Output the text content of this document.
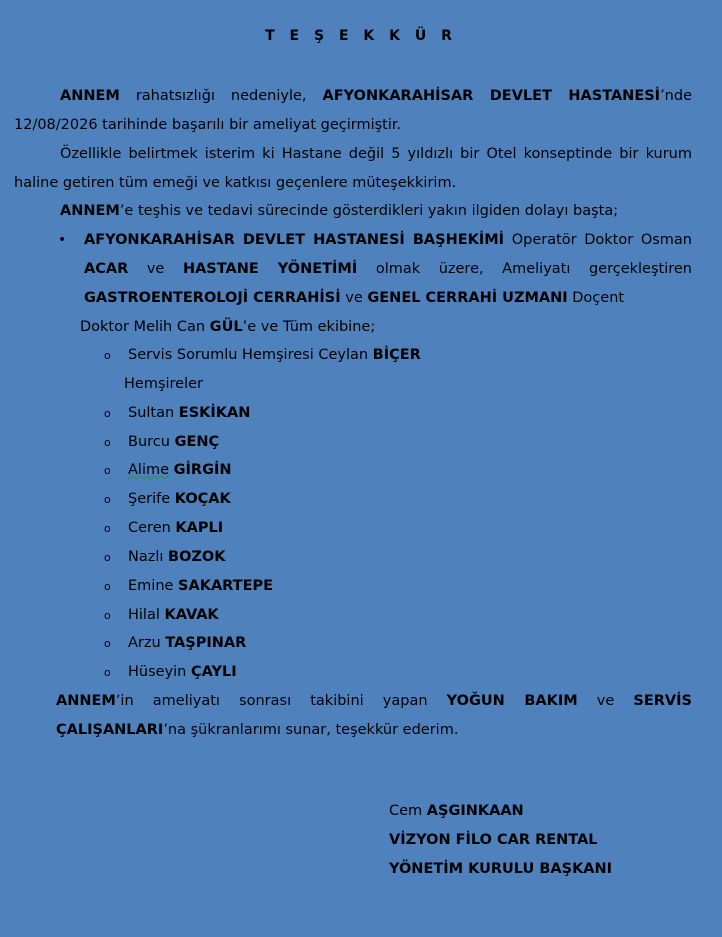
T E Ş E K K Ü R
ANNEM rahatsızlığı nedeniyle, AFYONKARAHİSAR DEVLET HASTANESİ’nde 12/08/2026 tarihinde başarılı bir ameliyat geçirmiştir.
Özellikle belirtmek isterim ki Hastane değil 5 yıldızlı bir Otel konseptinde bir kurum haline getiren tüm emeği ve katkısı geçenlere müteşekkirim.
ANNEM’e teşhis ve tedavi sürecinde gösterdikleri yakın ilgiden dolayı başta;
• AFYONKARAHİSAR DEVLET HASTANESİ BAŞHEKİMİ Operatör Doktor Osman ACAR ve HASTANE YÖNETİMİ olmak üzere, Ameliyatı gerçekleştiren GASTROENTEROLOJİ CERRAHİSİ ve GENEL CERRAHİ UZMANI Doçent
Doktor Melih Can GÜL’e ve Tüm ekibine;
o Servis Sorumlu Hemşiresi Ceylan BİÇER
Hemşireler
o Sultan ESKİKAN
o Burcu GENÇ
o Alime GİRGİN
o Şerife KOÇAK
o Ceren KAPLI
o Nazlı BOZOK
o Emine SAKARTEPE
o Hilal KAVAK
o Arzu TAŞPINAR
o Hüseyin ÇAYLI
ANNEM’in ameliyatı sonrası takibini yapan YOĞUN BAKIM ve SERVİS ÇALIŞANLARI’na şükranlarımı sunar, teşekkür ederim.
Cem AŞGINKAAN
VİZYON FİLO CAR RENTAL
YÖNETİM KURULU BAŞKANI
